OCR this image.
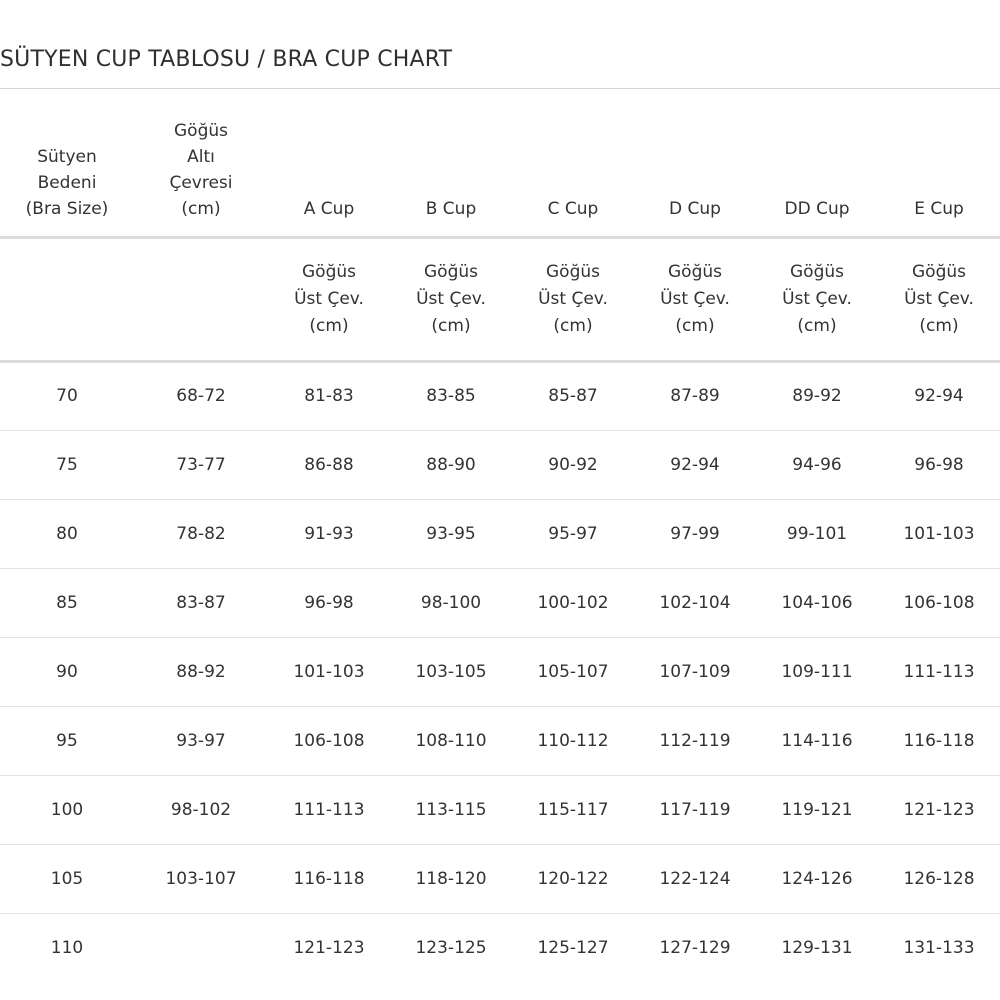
SÜTYEN CUP TABLOSU / BRA CUP CHART
Sütyen
Bedeni
(Bra Size)	Göğüs
Altı
Çevresi
(cm)	A Cup	B Cup	C Cup	D Cup	DD Cup	E Cup

		Göğüs
Üst Çev.
(cm)	Göğüs
Üst Çev.
(cm)	Göğüs
Üst Çev.
(cm)	Göğüs
Üst Çev.
(cm)	Göğüs
Üst Çev.
(cm)	Göğüs
Üst Çev.
(cm)

70	68-72	81-83	83-85	85-87	87-89	89-92	92-94
75	73-77	86-88	88-90	90-92	92-94	94-96	96-98
80	78-82	91-93	93-95	95-97	97-99	99-101	101-103
85	83-87	96-98	98-100	100-102	102-104	104-106	106-108
90	88-92	101-103	103-105	105-107	107-109	109-111	111-113
95	93-97	106-108	108-110	110-112	112-119	114-116	116-118
100	98-102	111-113	113-115	115-117	117-119	119-121	121-123
105	103-107	116-118	118-120	120-122	122-124	124-126	126-128
110		121-123	123-125	125-127	127-129	129-131	131-133
